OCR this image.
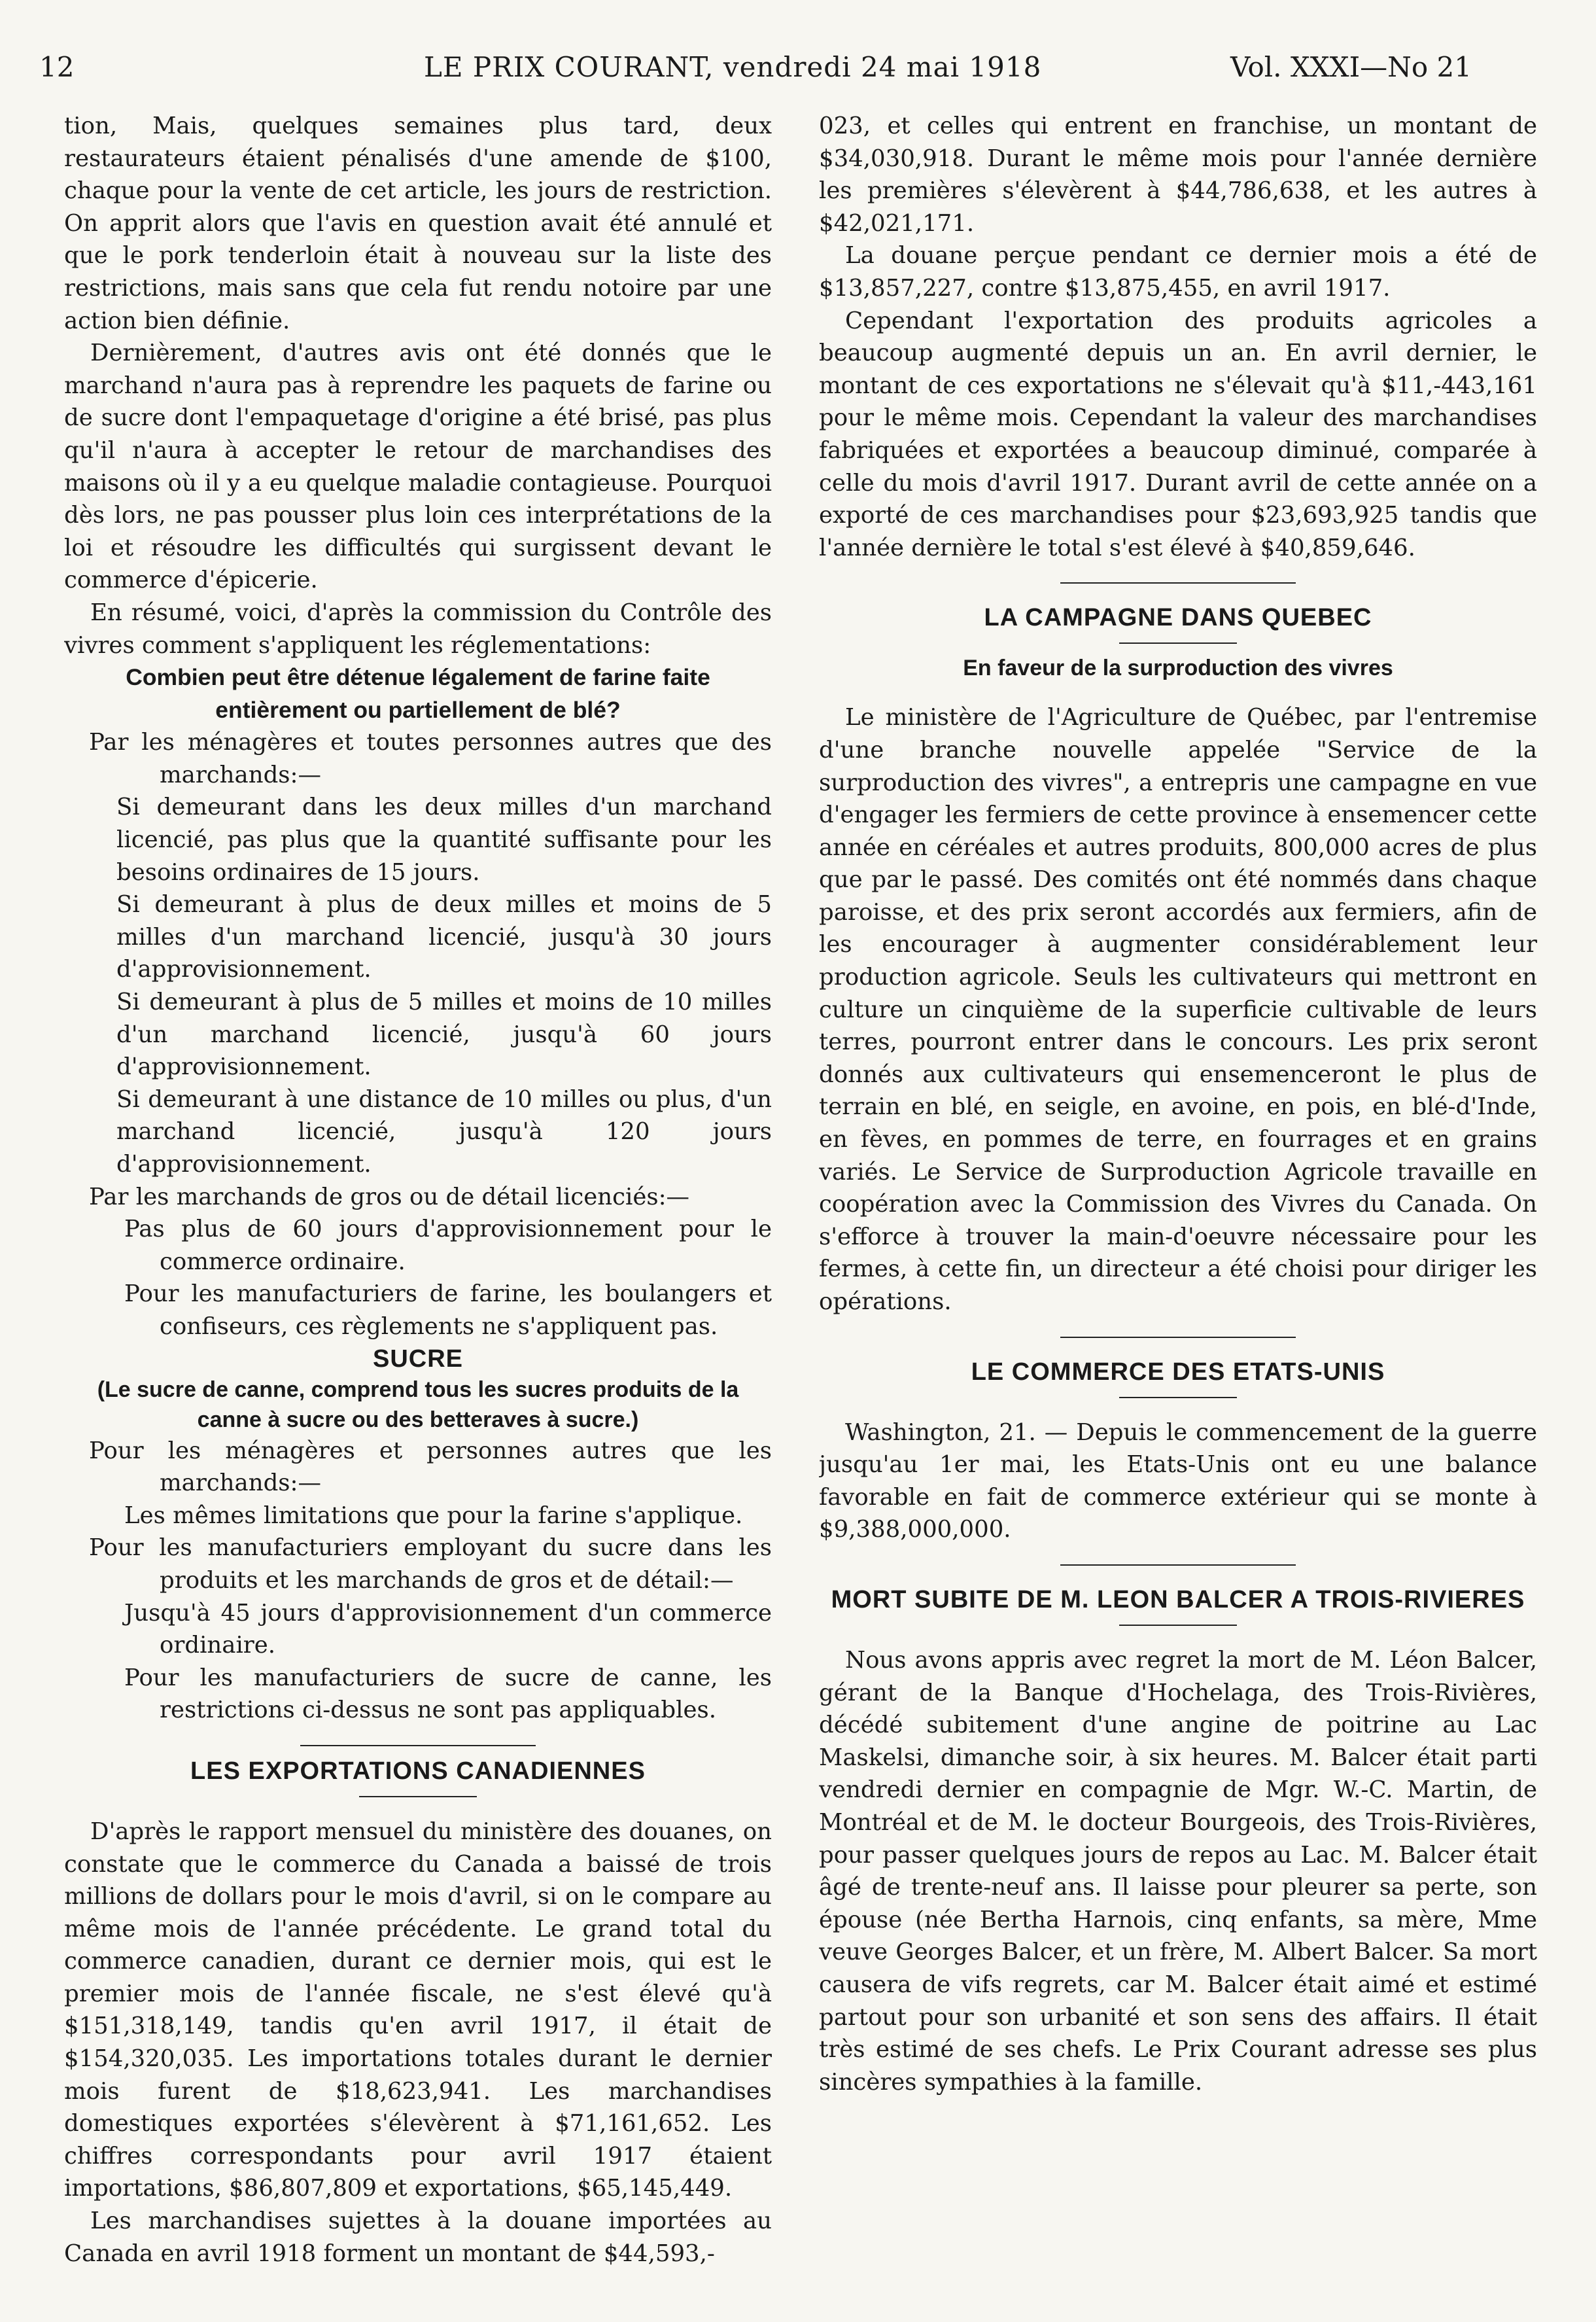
12	LE PRIX COURANT, vendredi 24 mai 1918	Vol. XXXI—No 21

tion, Mais, quelques semaines plus tard, deux restaurateurs étaient pénalisés d'une amende de $100, chaque pour la vente de cet article, les jours de restriction. On apprit alors que l'avis en question avait été annulé et que le pork tenderloin était à nouveau sur la liste des restrictions, mais sans que cela fut rendu notoire par une action bien définie.

Dernièrement, d'autres avis ont été donnés que le marchand n'aura pas à reprendre les paquets de farine ou de sucre dont l'empaquetage d'origine a été brisé, pas plus qu'il n'aura à accepter le retour de marchandises des maisons où il y a eu quelque maladie contagieuse. Pourquoi dès lors, ne pas pousser plus loin ces interprétations de la loi et résoudre les difficultés qui surgissent devant le commerce d'épicerie.

En résumé, voici, d'après la commission du Contrôle des vivres comment s'appliquent les réglementations:

Combien peut être détenue légalement de farine faite entièrement ou partiellement de blé?

Par les ménagères et toutes personnes autres que des marchands:—

Si demeurant dans les deux milles d'un marchand licencié, pas plus que la quantité suffisante pour les besoins ordinaires de 15 jours.

Si demeurant à plus de deux milles et moins de 5 milles d'un marchand licencié, jusqu'à 30 jours d'approvisionnement.

Si demeurant à plus de 5 milles et moins de 10 milles d'un marchand licencié, jusqu'à 60 jours d'approvisionnement.

Si demeurant à une distance de 10 milles ou plus, d'un marchand licencié, jusqu'à 120 jours d'approvisionnement.

Par les marchands de gros ou de détail licenciés:—

Pas plus de 60 jours d'approvisionnement pour le commerce ordinaire.

Pour les manufacturiers de farine, les boulangers et confiseurs, ces règlements ne s'appliquent pas.

SUCRE

(Le sucre de canne, comprend tous les sucres produits de la canne à sucre ou des betteraves à sucre.)

Pour les ménagères et personnes autres que les marchands:—

Les mêmes limitations que pour la farine s'applique.

Pour les manufacturiers employant du sucre dans les produits et les marchands de gros et de détail:—

Jusqu'à 45 jours d'approvisionnement d'un commerce ordinaire.

Pour les manufacturiers de sucre de canne, les restrictions ci-dessus ne sont pas appliquables.

LES EXPORTATIONS CANADIENNES

D'après le rapport mensuel du ministère des douanes, on constate que le commerce du Canada a baissé de trois millions de dollars pour le mois d'avril, si on le compare au même mois de l'année précédente. Le grand total du commerce canadien, durant ce dernier mois, qui est le premier mois de l'année fiscale, ne s'est élevé qu'à $151,318,149, tandis qu'en avril 1917, il était de $154,320,035. Les importations totales durant le dernier mois furent de $18,623,941. Les marchandises domestiques exportées s'élevèrent à $71,161,652. Les chiffres correspondants pour avril 1917 étaient importations, $86,807,809 et exportations, $65,145,449.

Les marchandises sujettes à la douane importées au Canada en avril 1918 forment un montant de $44,593,-

023, et celles qui entrent en franchise, un montant de $34,030,918. Durant le même mois pour l'année dernière les premières s'élevèrent à $44,786,638, et les autres à $42,021,171.

La douane perçue pendant ce dernier mois a été de $13,857,227, contre $13,875,455, en avril 1917.

Cependant l'exportation des produits agricoles a beaucoup augmenté depuis un an. En avril dernier, le montant de ces exportations ne s'élevait qu'à $11,-443,161 pour le même mois. Cependant la valeur des marchandises fabriquées et exportées a beaucoup diminué, comparée à celle du mois d'avril 1917. Durant avril de cette année on a exporté de ces marchandises pour $23,693,925 tandis que l'année dernière le total s'est élevé à $40,859,646.

LA CAMPAGNE DANS QUEBEC

En faveur de la surproduction des vivres

Le ministère de l'Agriculture de Québec, par l'entremise d'une branche nouvelle appelée "Service de la surproduction des vivres", a entrepris une campagne en vue d'engager les fermiers de cette province à ensemencer cette année en céréales et autres produits, 800,000 acres de plus que par le passé. Des comités ont été nommés dans chaque paroisse, et des prix seront accordés aux fermiers, afin de les encourager à augmenter considérablement leur production agricole. Seuls les cultivateurs qui mettront en culture un cinquième de la superficie cultivable de leurs terres, pourront entrer dans le concours. Les prix seront donnés aux cultivateurs qui ensemenceront le plus de terrain en blé, en seigle, en avoine, en pois, en blé-d'Inde, en fèves, en pommes de terre, en fourrages et en grains variés. Le Service de Surproduction Agricole travaille en coopération avec la Commission des Vivres du Canada. On s'efforce à trouver la main-d'oeuvre nécessaire pour les fermes, à cette fin, un directeur a été choisi pour diriger les opérations.

LE COMMERCE DES ETATS-UNIS

Washington, 21. — Depuis le commencement de la guerre jusqu'au 1er mai, les Etats-Unis ont eu une balance favorable en fait de commerce extérieur qui se monte à $9,388,000,000.

MORT SUBITE DE M. LEON BALCER A TROIS-RIVIERES

Nous avons appris avec regret la mort de M. Léon Balcer, gérant de la Banque d'Hochelaga, des Trois-Rivières, décédé subitement d'une angine de poitrine au Lac Maskelsi, dimanche soir, à six heures. M. Balcer était parti vendredi dernier en compagnie de Mgr. W.-C. Martin, de Montréal et de M. le docteur Bourgeois, des Trois-Rivières, pour passer quelques jours de repos au Lac. M. Balcer était âgé de trente-neuf ans. Il laisse pour pleurer sa perte, son épouse (née Bertha Harnois, cinq enfants, sa mère, Mme veuve Georges Balcer, et un frère, M. Albert Balcer. Sa mort causera de vifs regrets, car M. Balcer était aimé et estimé partout pour son urbanité et son sens des affairs. Il était très estimé de ses chefs. Le Prix Courant adresse ses plus sincères sympathies à la famille.
